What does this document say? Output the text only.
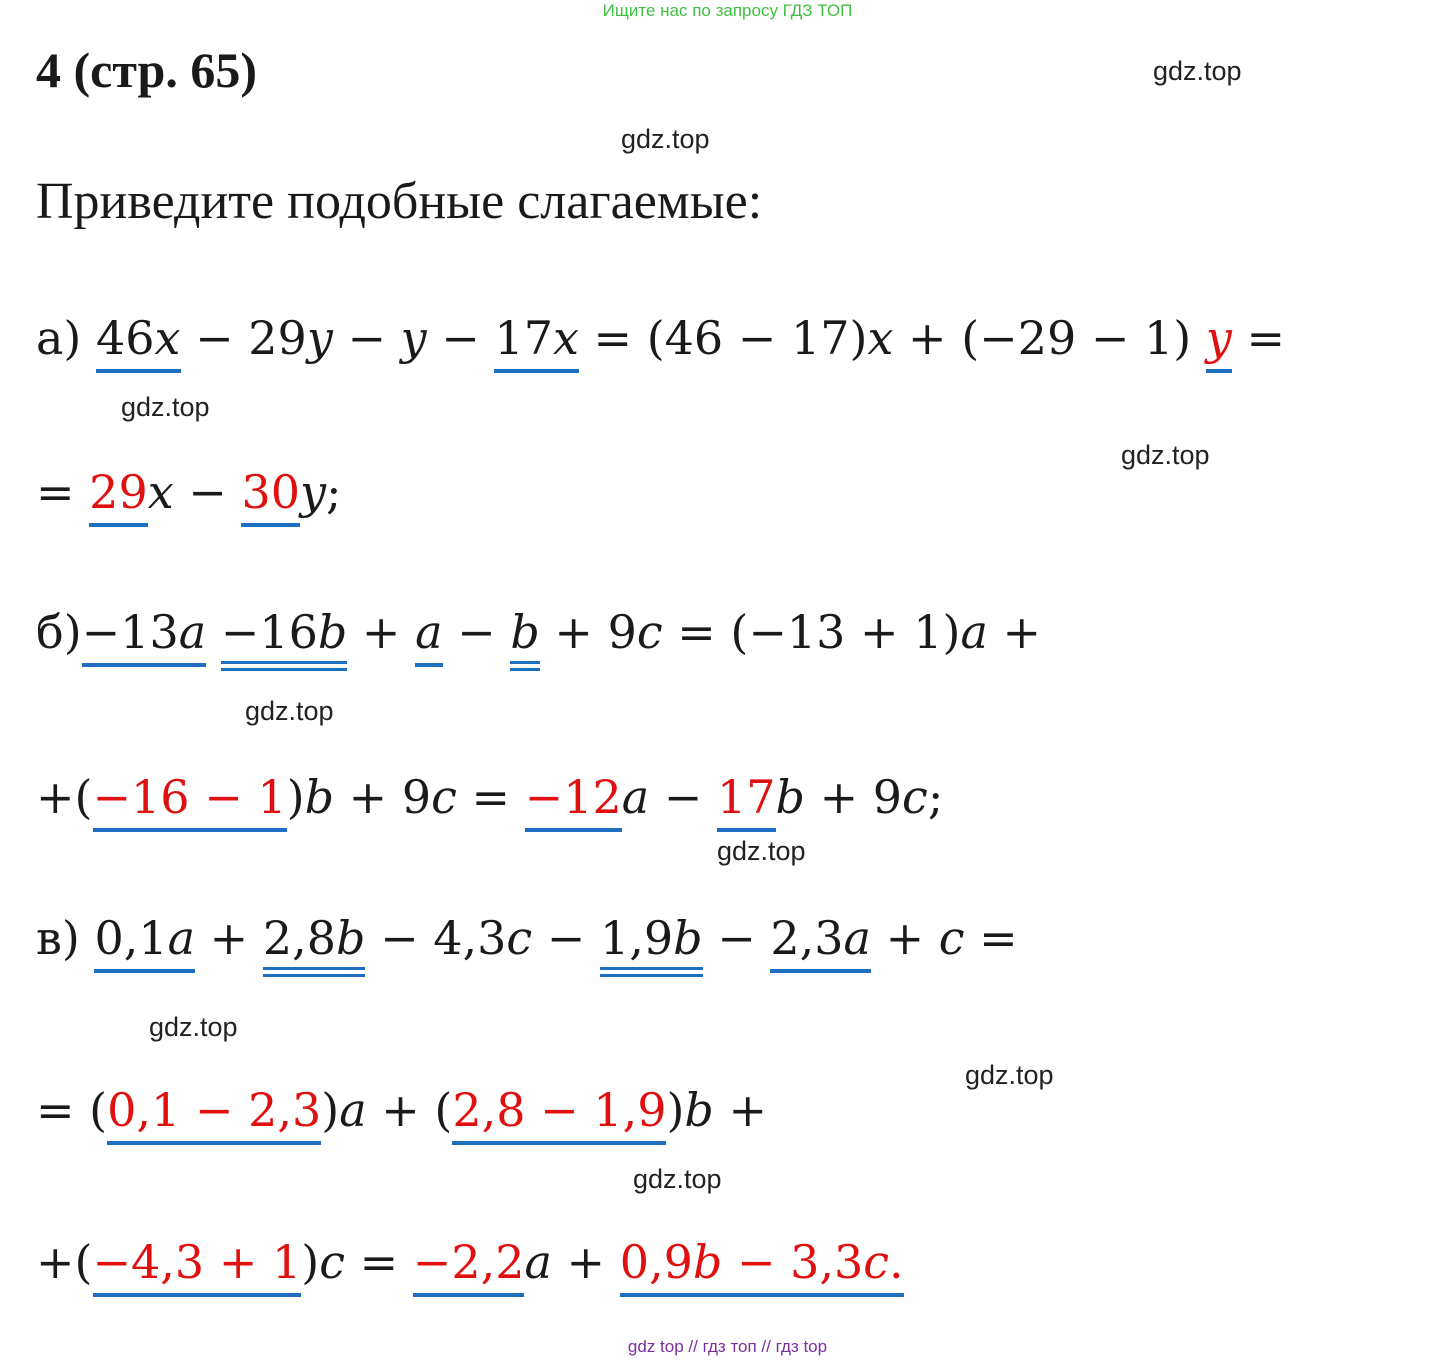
Ищите нас по запросу ГДЗ ТОП
4 (стр. 65)
Приведите подобные слагаемые:
gdz.top
gdz.top
gdz.top
gdz.top
gdz.top
gdz.top
gdz.top
gdz.top
gdz.top
а) 46x − 29y − y − 17x = (46 − 17)x + (−29 − 1) y =
= 29x − 30y;
б)−13a −16b + a − b + 9c = (−13 + 1)a +
+(−16 − 1)b + 9c = −12a − 17b + 9c;
в) 0,1a + 2,8b − 4,3c − 1,9b − 2,3a + c =
= (0,1 − 2,3)a + (2,8 − 1,9)b +
+(−4,3 + 1)c = −2,2a + 0,9b − 3,3c.
gdz top // гдз топ // гдз top
